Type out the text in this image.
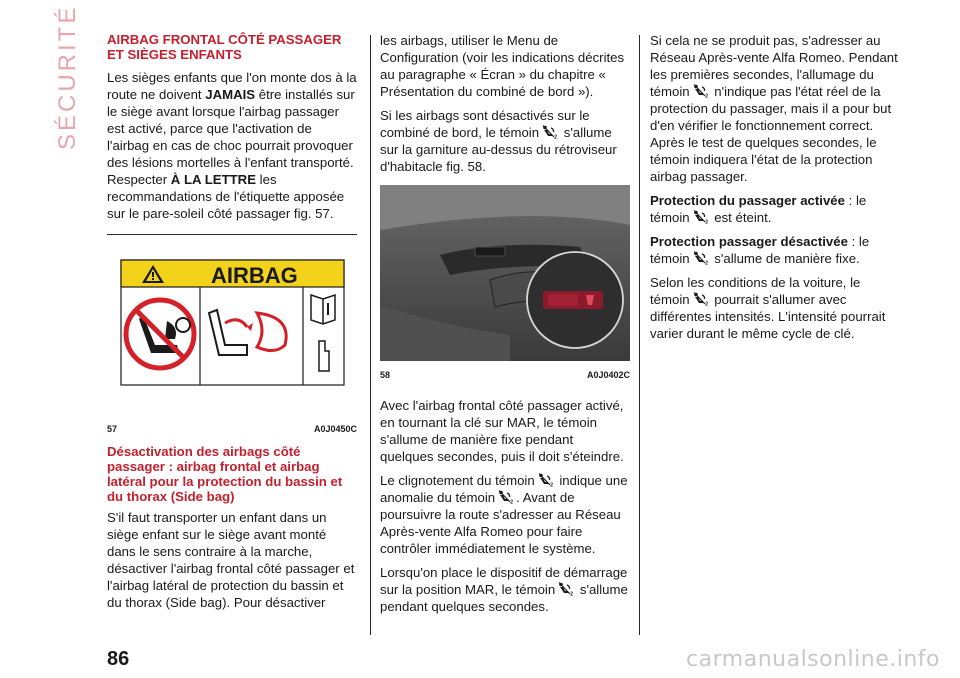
SÉCURITÉ AIRBAG FRONTAL CÔTÉ PASSAGER ET SIÈGES ENFANTS

Les sièges enfants que l'on monte dos à la route ne doivent JAMAIS être installés sur le siège avant lorsque l'airbag passager est activé, parce que l'activation de l'airbag en cas de choc pourrait provoquer des lésions mortelles à l'enfant transporté. Respecter À LA LETTRE les recommandations de l'étiquette apposée sur le pare-soleil côté passager fig. 57.

AIRBAG
57	A0J0450C
Désactivation des airbags côté passager : airbag frontal et airbag latéral pour la protection du bassin et du thorax (Side bag)

S'il faut transporter un enfant dans un siège enfant sur le siège avant monté dans le sens contraire à la marche, désactiver l'airbag frontal côté passager et l'airbag latéral de protection du bassin et du thorax (Side bag). Pour désactiver

les airbags, utiliser le Menu de Configuration (voir les indications décrites au paragraphe « Écran » du chapitre « Présentation du combiné de bord »).

Si les airbags sont désactivés sur le combiné de bord, le témoin s'allume sur la garniture au-dessus du rétroviseur d'habitacle fig. 58.

58	A0J0402C

Avec l'airbag frontal côté passager activé, en tournant la clé sur MAR, le témoin s'allume de manière fixe pendant quelques secondes, puis il doit s'éteindre.

Le clignotement du témoin indique une anomalie du témoin . Avant de poursuivre la route s'adresser au Réseau Après-vente Alfa Romeo pour faire contrôler immédiatement le système.

Lorsqu'on place le dispositif de démarrage sur la position MAR, le témoin s'allume pendant quelques secondes.

Si cela ne se produit pas, s'adresser au Réseau Après-vente Alfa Romeo. Pendant les premières secondes, l'allumage du témoin n'indique pas l'état réel de la protection du passager, mais il a pour but d'en vérifier le fonctionnement correct. Après le test de quelques secondes, le témoin indiquera l'état de la protection airbag passager.

Protection du passager activée : le témoin est éteint.

Protection passager désactivée : le témoin s'allume de manière fixe.

Selon les conditions de la voiture, le témoin pourrait s'allumer avec différentes intensités. L'intensité pourrait varier durant le même cycle de clé.

86	carmanualsonline.info
